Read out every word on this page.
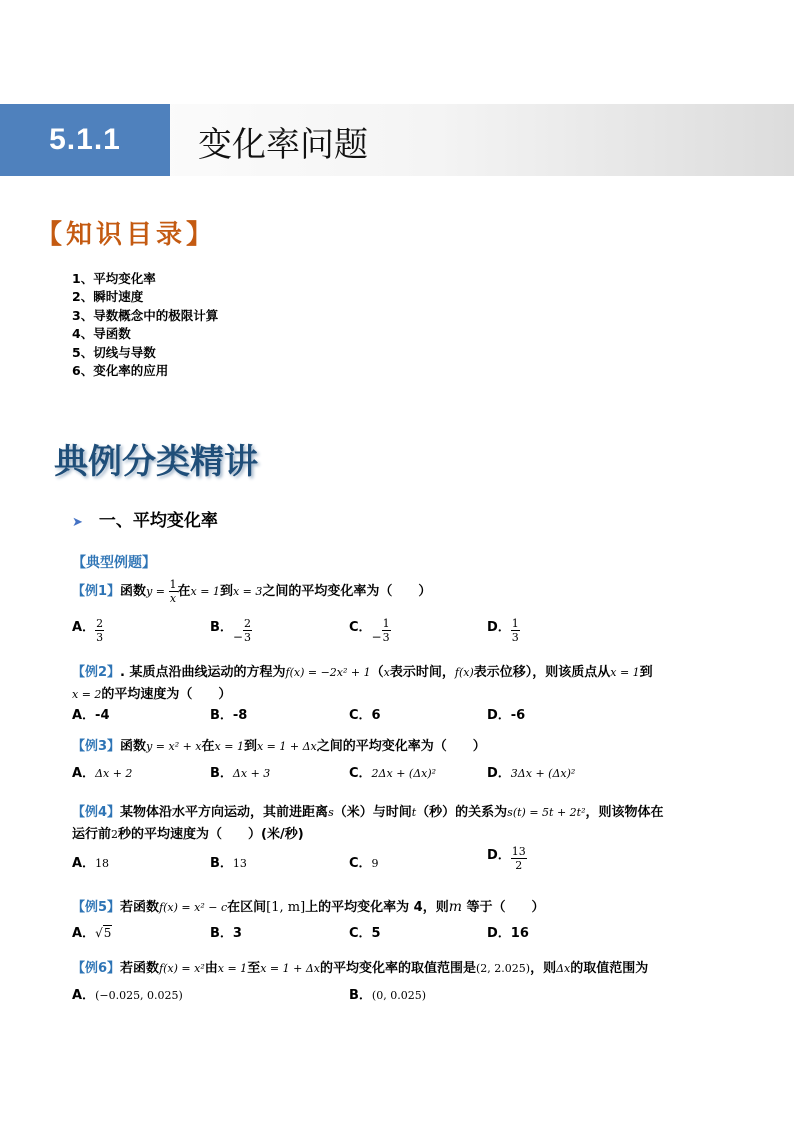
5.1.1 变化率问题
【知识目录】
1、平均变化率
2、瞬时速度
3、导数概念中的极限计算
4、导函数
5、切线与导数
6、变化率的应用
典例分类精讲
➤ 一、平均变化率
【典型例题】
【例1】函数$y = \frac{1}{x}$ 在x = 1到x = 3之间的平均变化率为（　　）
A． $\frac{2}{3}$	B．− $\frac{2}{3}$	C．− $\frac{1}{3}$	D． $\frac{1}{3}$
【例2】. 某质点沿曲线运动的方程为f(x) = −2x² + 1（x表示时间，f(x)表示位移），则该质点从x = 1到
x = 2的平均速度为（　　）
A．-4	B．-8	C．6	D．-6
【例3】函数y = x² + x在x = 1到x = 1 + Δx之间的平均变化率为（　　）
A．Δx + 2	B．Δx + 3	C．2Δx + (Δx)²	D．3Δx + (Δx)²
【例4】某物体沿水平方向运动，其前进距离s（米）与时间t（秒）的关系为s(t) = 5t + 2t²，则该物体在
运行前2秒的平均速度为（　　）(米/秒)
A．18	B．13	C．9
D． $\frac{13}{2}$
【例5】若函数f(x) = x² − c在区间[1, m]上的平均变化率为 4，则m 等于（　　）
A．√5	B．3	C．5	D．16
【例6】若函数f(x) = x²由x = 1至x = 1 + Δx的平均变化率的取值范围是(2, 2.025)，则Δx的取值范围为
A．(−0.025, 0.025)	B．(0, 0.025)
